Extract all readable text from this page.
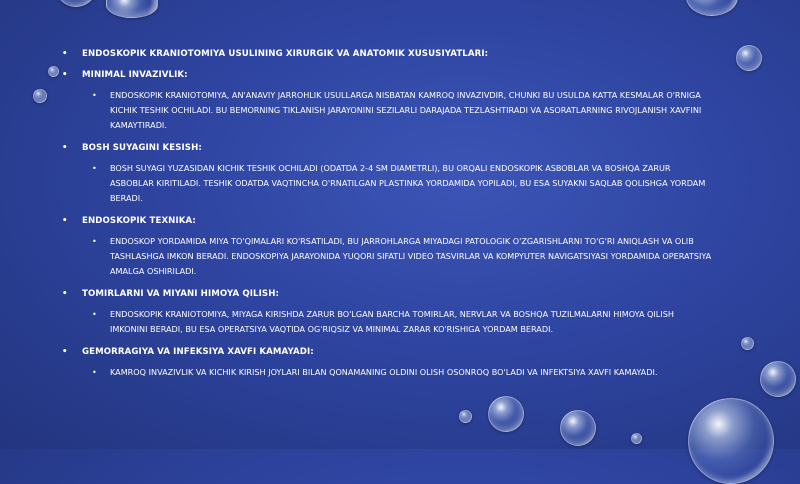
• ENDOSKOPIK KRANIOTOMIYA USULINING XIRURGIK VA ANATOMIK XUSUSIYATLARI:
• MINIMAL INVAZIVLIK:
• ENDOSKOPIK KRANIOTOMIYA, AN'ANAVIY JARROHLIK USULLARGA NISBATAN KAMROQ INVAZIVDIR, CHUNKI BU USULDA KATTA KESMALAR O'RNIGA KICHIK TESHIK OCHILADI. BU BEMORNING TIKLANISH JARAYONINI SEZILARLI DARAJADA TEZLASHTIRADI VA ASORATLARNING RIVOJLANISH XAVFINI KAMAYTIRADI.
• BOSH SUYAGINI KESISH:
• BOSH SUYAGI YUZASIDAN KICHIK TESHIK OCHILADI (ODATDA 2-4 SM DIAMETRLI), BU ORQALI ENDOSKOPIK ASBOBLAR VA BOSHQA ZARUR ASBOBLAR KIRITILADI. TESHIK ODATDA VAQTINCHA O'RNATILGAN PLASTINKA YORDAMIDA YOPILADI, BU ESA SUYAKNI SAQLAB QOLISHGA YORDAM BERADI.
• ENDOSKOPIK TEXNIKA:
• ENDOSKOP YORDAMIDA MIYA TO'QIMALARI KO'RSATILADI, BU JARROHLARGA MIYADAGI PATOLOGIK O'ZGARISHLARNI TO'G'RI ANIQLASH VA OLIB TASHLASHGA IMKON BERADI. ENDOSKOPIYA JARAYONIDA YUQORI SIFATLI VIDEO TASVIRLAR VA KOMPYUTER NAVIGATSIYASI YORDAMIDA OPERATSIYA AMALGA OSHIRILADI.
• TOMIRLARNI VA MIYANI HIMOYA QILISH:
• ENDOSKOPIK KRANIOTOMIYA, MIYAGA KIRISHDA ZARUR BO'LGAN BARCHA TOMIRLAR, NERVLAR VA BOSHQA TUZILMALARNI HIMOYA QILISH IMKONINI BERADI, BU ESA OPERATSIYA VAQTIDA OG'RIQSIZ VA MINIMAL ZARAR KO'RISHIGA YORDAM BERADI.
• GEMORRAGIYA VA INFEKSIYA XAVFI KAMAYADI:
• KAMROQ INVAZIVLIK VA KICHIK KIRISH JOYLARI BILAN QONAMANING OLDINI OLISH OSONROQ BO'LADI VA INFEKTSIYA XAVFI KAMAYADI.
